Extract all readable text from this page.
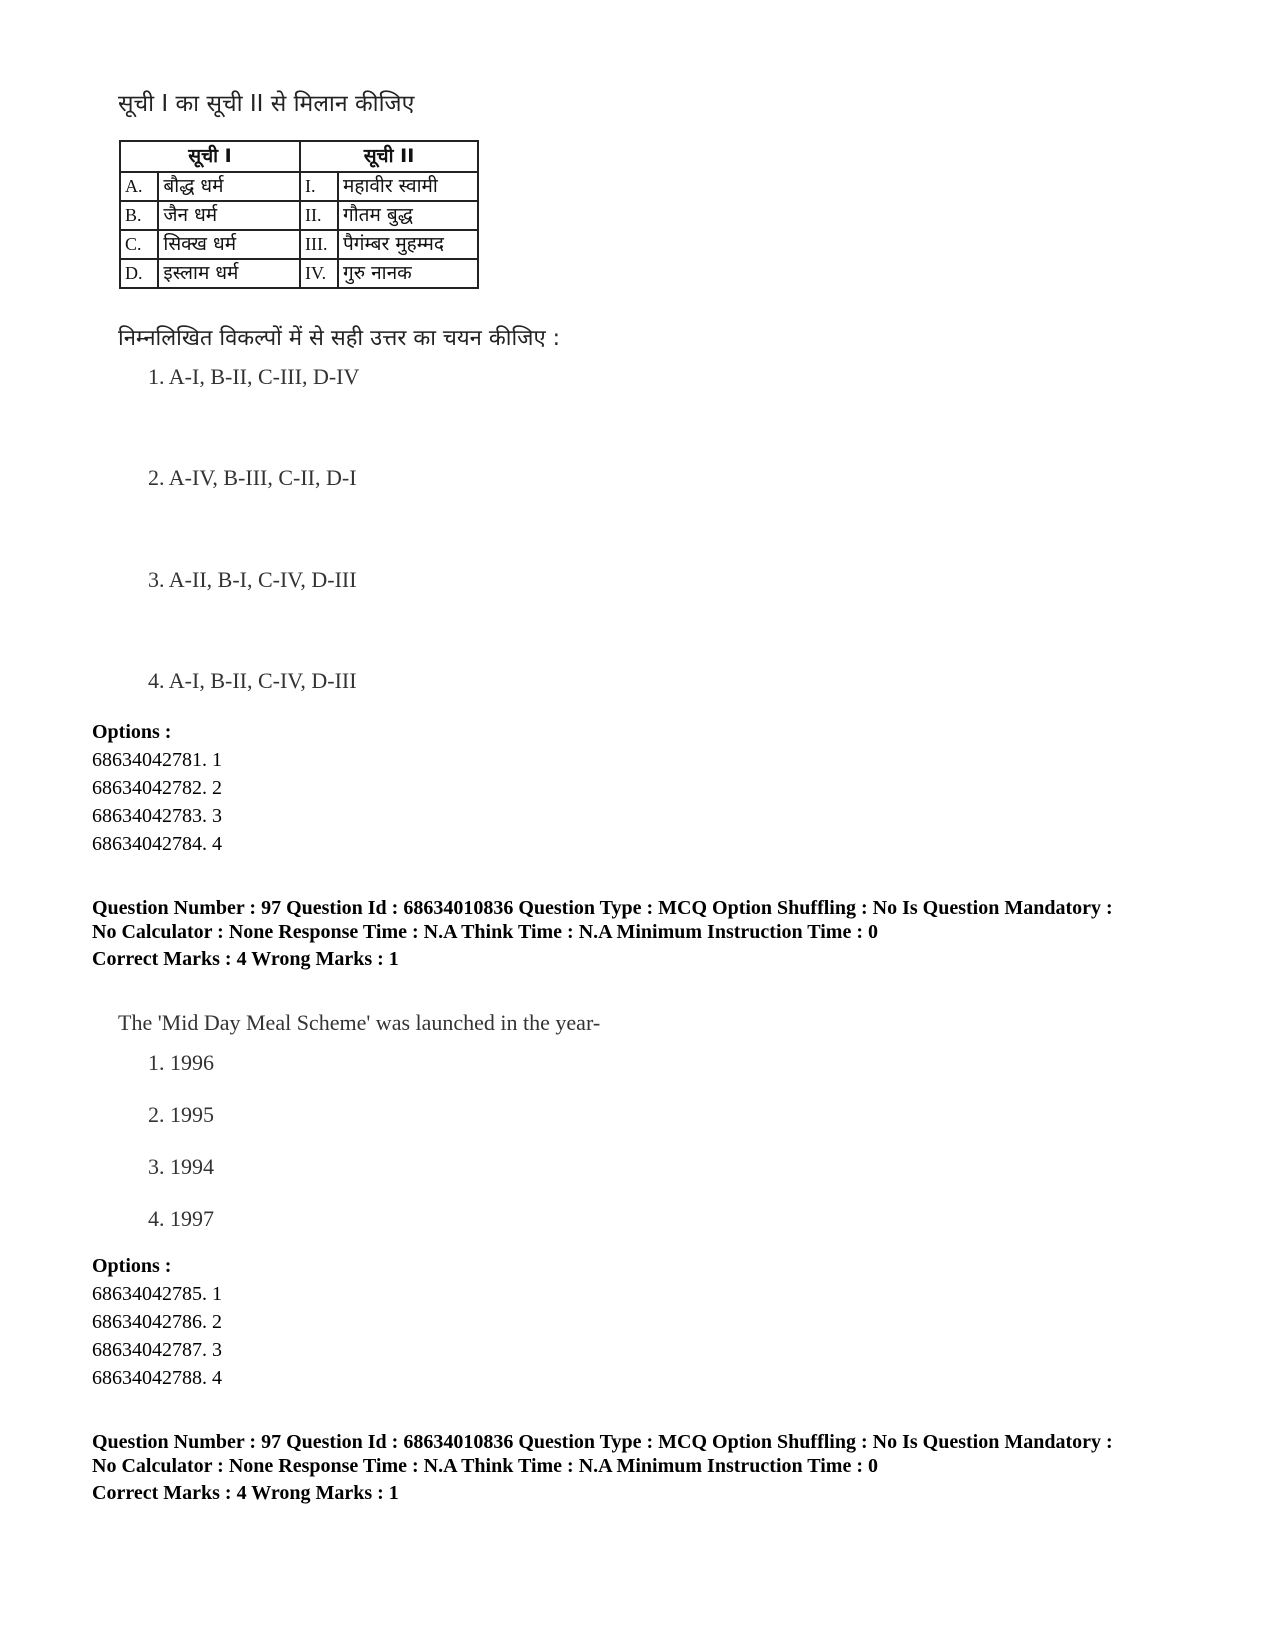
सूची I का सूची II से मिलान कीजिए
सूची I		सूची II	
A.	बौद्ध धर्म	I.	महावीर स्वामी
B.	जैन धर्म	II.	गौतम बुद्ध
C.	सिक्ख धर्म	III.	पैगंम्बर मुहम्मद
D.	इस्लाम धर्म	IV.	गुरु नानक
निम्नलिखित विकल्पों में से सही उत्तर का चयन कीजिए :
1. A-I, B-II, C-III, D-IV
2. A-IV, B-III, C-II, D-I
3. A-II, B-I, C-IV, D-III
4. A-I, B-II, C-IV, D-III
Options :
68634042781. 1
68634042782. 2
68634042783. 3
68634042784. 4
Question Number : 97 Question Id : 68634010836 Question Type : MCQ Option Shuffling : No Is Question Mandatory :
No Calculator : None Response Time : N.A Think Time : N.A Minimum Instruction Time : 0
Correct Marks : 4 Wrong Marks : 1
The 'Mid Day Meal Scheme' was launched in the year-
1. 1996
2. 1995
3. 1994
4. 1997
Options :
68634042785. 1
68634042786. 2
68634042787. 3
68634042788. 4
Question Number : 97 Question Id : 68634010836 Question Type : MCQ Option Shuffling : No Is Question Mandatory :
No Calculator : None Response Time : N.A Think Time : N.A Minimum Instruction Time : 0
Correct Marks : 4 Wrong Marks : 1
